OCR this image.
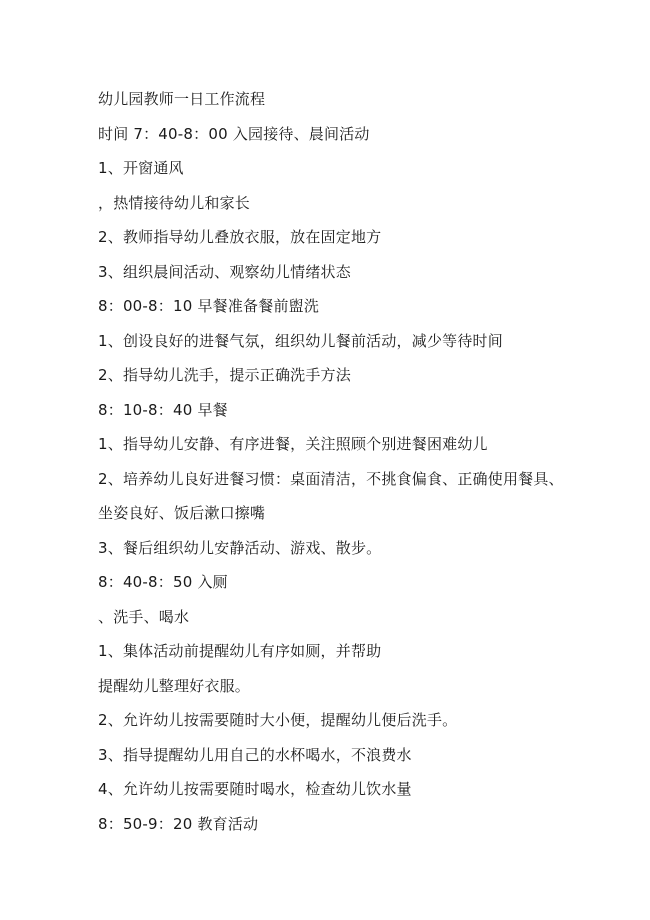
幼儿园教师一日工作流程
时间 7：40-8：00 入园接待、晨间活动
1、开窗通风
，热情接待幼儿和家长
2、教师指导幼儿叠放衣服，放在固定地方
3、组织晨间活动、观察幼儿情绪状态
8：00-8：10 早餐准备餐前盥洗
1、创设良好的进餐气氛，组织幼儿餐前活动，减少等待时间
2、指导幼儿洗手，提示正确洗手方法
8：10-8：40 早餐
1、指导幼儿安静、有序进餐，关注照顾个别进餐困难幼儿
2、培养幼儿良好进餐习惯：桌面清洁，不挑食偏食、正确使用餐具、
坐姿良好、饭后漱口擦嘴
3、餐后组织幼儿安静活动、游戏、散步。
8：40-8：50 入厕
、洗手、喝水
1、集体活动前提醒幼儿有序如厕，并帮助
提醒幼儿整理好衣服。
2、允许幼儿按需要随时大小便，提醒幼儿便后洗手。
3、指导提醒幼儿用自己的水杯喝水，不浪费水
4、允许幼儿按需要随时喝水，检查幼儿饮水量
8：50-9：20 教育活动
